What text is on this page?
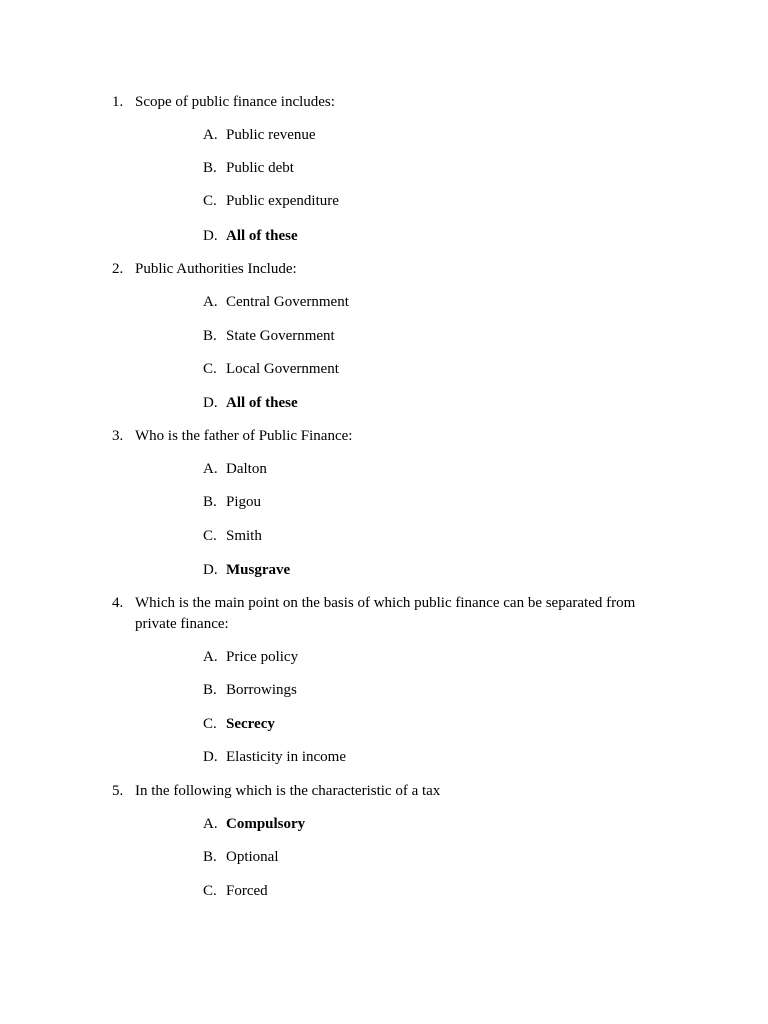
1. Scope of public finance includes:
A. Public revenue
B. Public debt
C. Public expenditure
D. All of these
2. Public Authorities Include:
A. Central Government
B. State Government
C. Local Government
D. All of these
3. Who is the father of Public Finance:
A. Dalton
B. Pigou
C. Smith
D. Musgrave
4. Which is the main point on the basis of which public finance can be separated from private finance:
A. Price policy
B. Borrowings
C. Secrecy
D. Elasticity in income
5. In the following which is the characteristic of a tax
A. Compulsory
B. Optional
C. Forced
